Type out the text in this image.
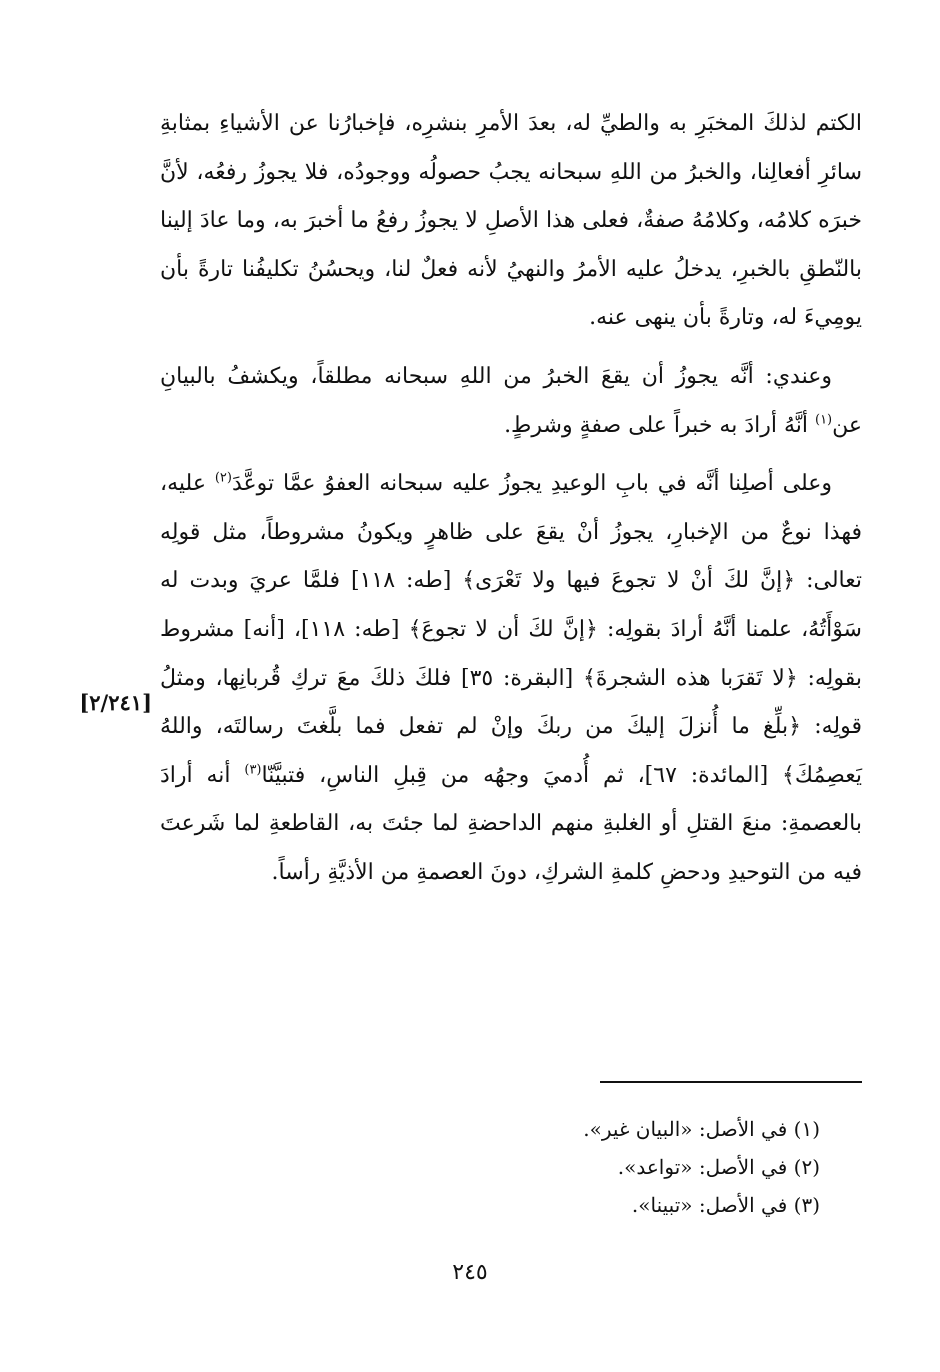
الكتم لذلكَ المخبَرِ به والطيِّ له، بعدَ الأمرِ بنشرِه، فإخبارُنا عن الأشياءِ بمثابةِ سائرِ أفعالِنا، والخبرُ من اللهِ سبحانه يجبُ حصولُه ووجودُه، فلا يجوزُ رفعُه، لأنَّ خبرَه كلامُه، وكلامُهُ صفةٌ، فعلى هذا الأصلِ لا يجوزُ رفعُ ما أخبرَ به، وما عادَ إلينا بالنّطقِ بالخبرِ، يدخلُ عليه الأمرُ والنهيُ لأنه فعلٌ لنا، ويحسُنُ تكليفُنا تارةً بأن يومِيءَ له، وتارةً بأن ينهى عنه.

وعندي: أنَّه يجوزُ أن يقعَ الخبرُ من اللهِ سبحانه مطلقاً، ويكشفُ بالبيانِ عن$^{(١)}$ أنَّهُ أرادَ به خبراً على صفةٍ وشرطٍ.

وعلى أصلِنا أنَّه في بابِ الوعيدِ يجوزُ عليه سبحانه العفوُ عمَّا توعَّدَ$^{(٢)}$ عليه، فهذا نوعٌ من الإخبارِ، يجوزُ أنْ يقعَ على ظاهرٍ ويكونُ مشروطاً، مثل قولِه تعالى: ﴿إنَّ لكَ أنْ لا تجوعَ فيها ولا تَعْرَى﴾ [طه: ١١٨] فلمَّا عريَ وبدت له سَوْأَتُهُ، علمنا أنَّهُ أرادَ بقولِه: ﴿إنَّ لكَ أن لا تجوعَ﴾ [طه: ١١٨]، [أنه] مشروط بقولِه: ﴿لا تَقرَبا هذه الشجرةَ﴾ [البقرة: ٣٥] فلكَ ذلكَ معَ تركِ قُربانِها، ومثلُ قولِه: ﴿بلِّغ ما أُنزلَ إليكَ من ربكَ وإنْ لم تفعل فما بلَّغتَ رسالتَه، واللهُ يَعصِمُكَ﴾ [المائدة: ٦٧]، ثم أُدميَ وجهُه من قِبلِ الناسِ، فتبيَّنّا$^{(٣)}$ أنه أرادَ بالعصمةِ: منعَ القتلِ أو الغلبةِ منهم الداحضةِ لما جئتَ به، القاطعةِ لما شَرعتَ فيه من التوحيدِ ودحضِ كلمةِ الشركِ، دونَ العصمةِ من الأذيَّةِ رأساً.

[٢/٢٤١]

(١) في الأصل: «البيان غير».

(٢) في الأصل: «تواعد».

(٣) في الأصل: «تبينا».

٢٤٥
